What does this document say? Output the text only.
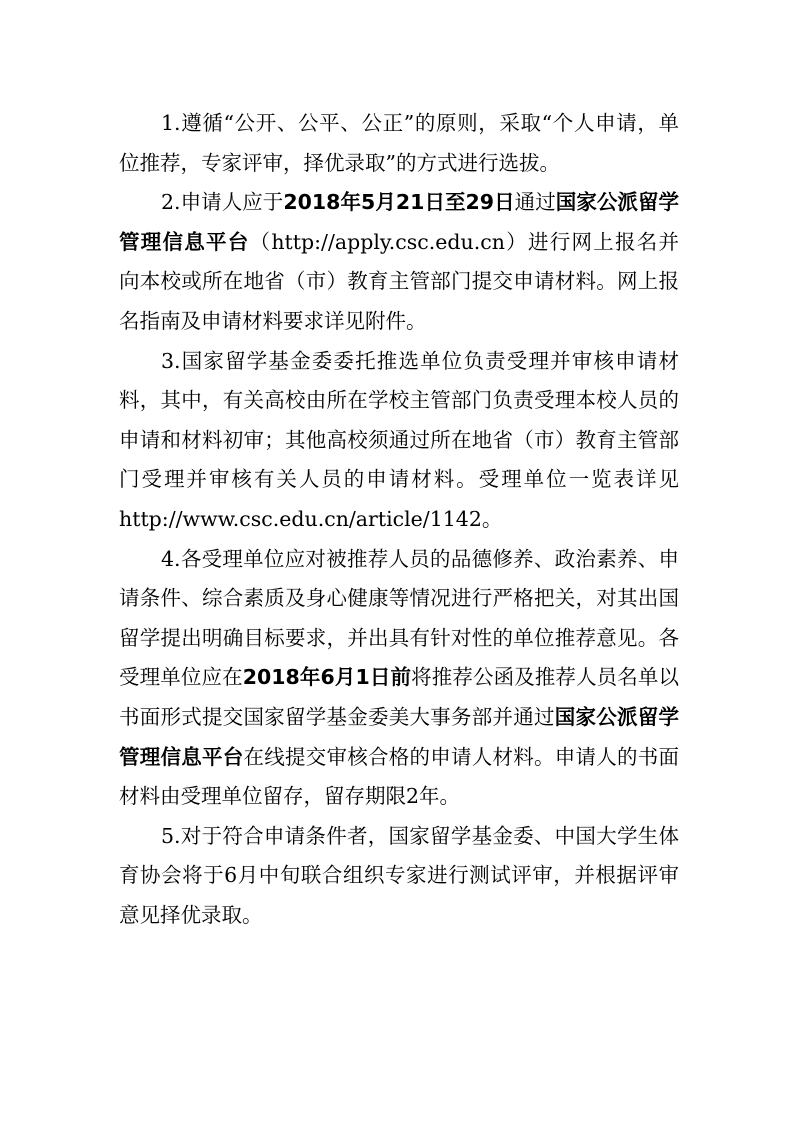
1.遵循“公开、公平、公正”的原则，采取“个人申请，单位推荐，专家评审，择优录取”的方式进行选拔。

2.申请人应于2018年5月21日至29日通过国家公派留学管理信息平台（http://apply.csc.edu.cn）进行网上报名并向本校或所在地省（市）教育主管部门提交申请材料。网上报名指南及申请材料要求详见附件。

3.国家留学基金委委托推选单位负责受理并审核申请材料，其中，有关高校由所在学校主管部门负责受理本校人员的申请和材料初审；其他高校须通过所在地省（市）教育主管部门受理并审核有关人员的申请材料。受理单位一览表详见http://www.csc.edu.cn/article/1142。

4.各受理单位应对被推荐人员的品德修养、政治素养、申请条件、综合素质及身心健康等情况进行严格把关，对其出国留学提出明确目标要求，并出具有针对性的单位推荐意见。各受理单位应在2018年6月1日前将推荐公函及推荐人员名单以书面形式提交国家留学基金委美大事务部并通过国家公派留学管理信息平台在线提交审核合格的申请人材料。申请人的书面材料由受理单位留存，留存期限2年。

5.对于符合申请条件者，国家留学基金委、中国大学生体育协会将于6月中旬联合组织专家进行测试评审，并根据评审意见择优录取。
